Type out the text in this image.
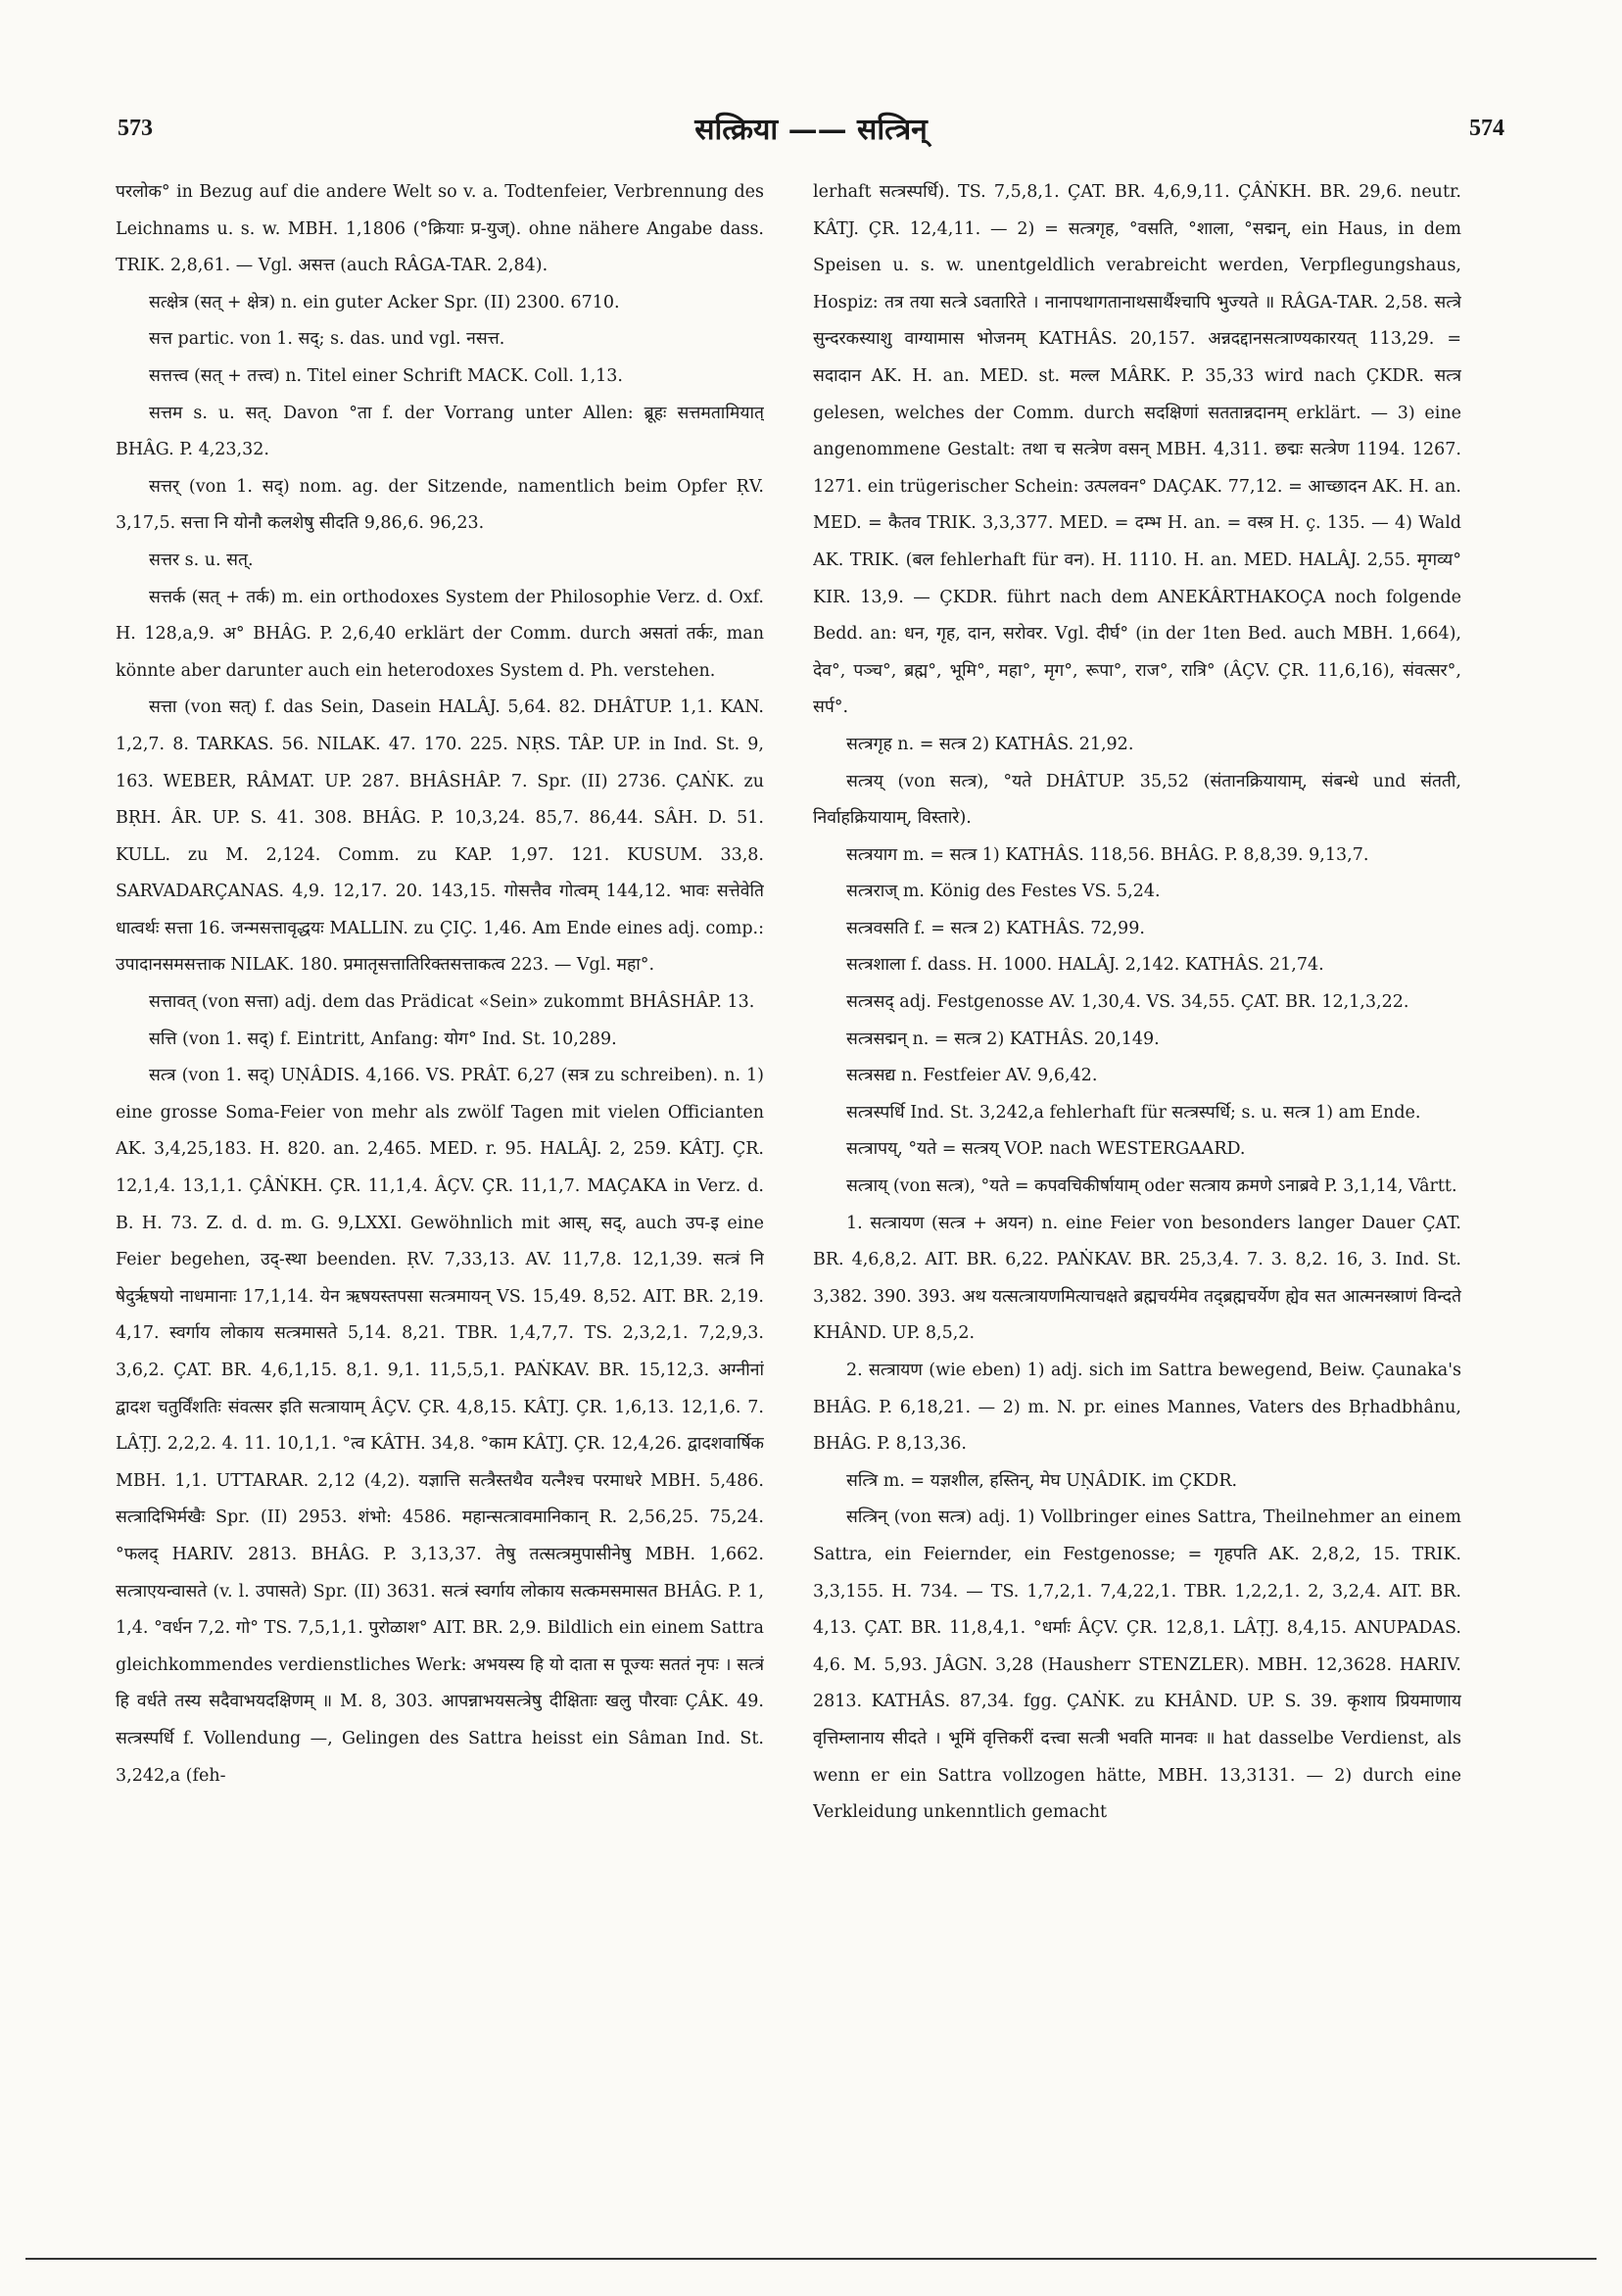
573	सत्क्रिया —— सत्त्रिन्	574

परलोक° in Bezug auf die andere Welt so v. a. Todtenfeier, Verbrennung des Leichnams u. s. w. MBH. 1,1806 (°क्रियाः प्र-युज्). ohne nähere Angabe dass. TRIK. 2,8,61. — Vgl. असत्त (auch RÂGA-TAR. 2,84).

सत्क्षेत्र (सत् + क्षेत्र) n. ein guter Acker Spr. (II) 2300. 6710.

सत्त partic. von 1. सद्; s. das. und vgl. नसत्त.

सत्तत्त्व (सत् + तत्त्व) n. Titel einer Schrift MACK. Coll. 1,13.

सत्तम s. u. सत्. Davon °ता f. der Vorrang unter Allen: ब्रूहः सत्तमतामियात् BHÂG. P. 4,23,32.

सत्तर् (von 1. सद्) nom. ag. der Sitzende, namentlich beim Opfer ṚV. 3,17,5. सत्ता नि योनौ कलशेषु सीदति 9,86,6. 96,23.

सत्तर s. u. सत्.

सत्तर्क (सत् + तर्क) m. ein orthodoxes System der Philosophie Verz. d. Oxf. H. 128,a,9. अ° BHÂG. P. 2,6,40 erklärt der Comm. durch असतां तर्कः, man könnte aber darunter auch ein heterodoxes System d. Ph. verstehen.

सत्ता (von सत्) f. das Sein, Dasein HALÂJ. 5,64. 82. DHÂTUP. 1,1. KAN. 1,2,7. 8. TARKAS. 56. NILAK. 47. 170. 225. NṚS. TÂP. UP. in Ind. St. 9, 163. WEBER, RÂMAT. UP. 287. BHÂSHÂP. 7. Spr. (II) 2736. ÇAṄK. zu BṚH. ÂR. UP. S. 41. 308. BHÂG. P. 10,3,24. 85,7. 86,44. SÂH. D. 51. KULL. zu M. 2,124. Comm. zu KAP. 1,97. 121. KUSUM. 33,8. SARVADARÇANAS. 4,9. 12,17. 20. 143,15. गोसत्तैव गोत्वम् 144,12. भावः सत्तेवेति धात्वर्थः सत्ता 16. जन्मसत्तावृद्धयः MALLIN. zu ÇIÇ. 1,46. Am Ende eines adj. comp.: उपादानसमसत्ताक NILAK. 180. प्रमातृसत्तातिरिक्तसत्ताकत्व 223. — Vgl. महा°.

सत्तावत् (von सत्ता) adj. dem das Prädicat «Sein» zukommt BHÂSHÂP. 13.

सत्ति (von 1. सद्) f. Eintritt, Anfang: योग° Ind. St. 10,289.

सत्त्र (von 1. सद्) UṆÂDIS. 4,166. VS. PRÂT. 6,27 (सत्र zu schreiben). n. 1) eine grosse Soma-Feier von mehr als zwölf Tagen mit vielen Officianten AK. 3,4,25,183. H. 820. an. 2,465. MED. r. 95. HALÂJ. 2, 259. KÂTJ. ÇR. 12,1,4. 13,1,1. ÇÂṄKH. ÇR. 11,1,4. ÂÇV. ÇR. 11,1,7. MAÇAKA in Verz. d. B. H. 73. Z. d. d. m. G. 9,LXXI. Gewöhnlich mit आस्, सद्, auch उप-इ eine Feier begehen, उद्-स्था beenden. ṚV. 7,33,13. AV. 11,7,8. 12,1,39. सत्त्रं नि षेदुर्ऋषयो नाधमानाः 17,1,14. येन ऋषयस्तपसा सत्त्रमायन् VS. 15,49. 8,52. AIT. BR. 2,19. 4,17. स्वर्गाय लोकाय सत्त्रमासते 5,14. 8,21. TBR. 1,4,7,7. TS. 2,3,2,1. 7,2,9,3. 3,6,2. ÇAT. BR. 4,6,1,15. 8,1. 9,1. 11,5,5,1. PAṄKAV. BR. 15,12,3. अग्नीनां द्वादश चतुर्विंशतिः संवत्सर इति सत्त्रायाम् ÂÇV. ÇR. 4,8,15. KÂTJ. ÇR. 1,6,13. 12,1,6. 7. LÂṬJ. 2,2,2. 4. 11. 10,1,1. °त्व KÂTH. 34,8. °काम KÂTJ. ÇR. 12,4,26. द्वादशवार्षिक MBH. 1,1. UTTARAR. 2,12 (4,2). यज्ञात्ति सत्त्रैस्तथैव यत्नैश्च परमाधरे MBH. 5,486. सत्त्रादिभिर्मखैः Spr. (II) 2953. शंभो: 4586. महान्सत्त्रावमानिकान् R. 2,56,25. 75,24. °फलद् HARIV. 2813. BHÂG. P. 3,13,37. तेषु तत्सत्त्रमुपासीनेषु MBH. 1,662. सत्त्राएयन्वासते (v. l. उपासते) Spr. (II) 3631. सत्त्रं स्वर्गाय लोकाय सत्कमसमासत BHÂG. P. 1, 1,4. °वर्धन 7,2. गो° TS. 7,5,1,1. पुरोळाश° AIT. BR. 2,9. Bildlich ein einem Sattra gleichkommendes verdienstliches Werk: अभयस्य हि यो दाता स पूज्यः सततं नृपः । सत्त्रं हि वर्धते तस्य सदैवाभयदक्षिणम् ॥ M. 8, 303. आपन्नाभयसत्त्रेषु दीक्षिताः खलु पौरवाः ÇÂK. 49. सत्त्रस्पर्धि f. Vollendung —, Gelingen des Sattra heisst ein Sâman Ind. St. 3,242,a (feh-

lerhaft सत्त्रस्पर्धि). TS. 7,5,8,1. ÇAT. BR. 4,6,9,11. ÇÂṄKH. BR. 29,6. neutr. KÂTJ. ÇR. 12,4,11. — 2) = सत्त्रगृह, °वसति, °शाला, °सद्मन्, ein Haus, in dem Speisen u. s. w. unentgeldlich verabreicht werden, Verpflegungshaus, Hospiz: तत्र तया सत्त्रे ऽवतारिते । नानापथागतानाथसार्थैश्चापि भुज्यते ॥ RÂGA-TAR. 2,58. सत्त्रे सुन्दरकस्याशु वाग्यामास भोजनम् KATHÂS. 20,157. अन्नदद्दानसत्त्राण्यकारयत् 113,29. = सदादान AK. H. an. MED. st. मल्ल MÂRK. P. 35,33 wird nach ÇKDR. सत्त्र gelesen, welches der Comm. durch सदक्षिणां सततान्नदानम् erklärt. — 3) eine angenommene Gestalt: तथा च सत्त्रेण वसन् MBH. 4,311. छद्मः सत्त्रेण 1194. 1267. 1271. ein trügerischer Schein: उत्पलवन° DAÇAK. 77,12. = आच्छादन AK. H. an. MED. = कैतव TRIK. 3,3,377. MED. = दम्भ H. an. = वस्त्र H. ç. 135. — 4) Wald AK. TRIK. (बल fehlerhaft für वन). H. 1110. H. an. MED. HALÂJ. 2,55. मृगव्य° KIR. 13,9. — ÇKDR. führt nach dem ANEKÂRTHAKOÇA noch folgende Bedd. an: धन, गृह, दान, सरोवर. Vgl. दीर्घ° (in der 1ten Bed. auch MBH. 1,664), देव°, पञ्च°, ब्रह्म°, भूमि°, महा°, मृग°, रूपा°, राज°, रात्रि° (ÂÇV. ÇR. 11,6,16), संवत्सर°, सर्प°.

सत्त्रगृह n. = सत्त्र 2) KATHÂS. 21,92.

सत्त्रय् (von सत्त्र), °यते DHÂTUP. 35,52 (संतानक्रियायाम्, संबन्धे und संतती, निर्वाहक्रियायाम्, विस्तारे).

सत्त्रयाग m. = सत्त्र 1) KATHÂS. 118,56. BHÂG. P. 8,8,39. 9,13,7.

सत्त्रराज् m. König des Festes VS. 5,24.

सत्त्रवसति f. = सत्त्र 2) KATHÂS. 72,99.

सत्त्रशाला f. dass. H. 1000. HALÂJ. 2,142. KATHÂS. 21,74.

सत्त्रसद् adj. Festgenosse AV. 1,30,4. VS. 34,55. ÇAT. BR. 12,1,3,22.

सत्त्रसद्मन् n. = सत्त्र 2) KATHÂS. 20,149.

सत्त्रसद्य n. Festfeier AV. 9,6,42.

सत्त्रस्पर्धि Ind. St. 3,242,a fehlerhaft für सत्त्रस्पर्धि; s. u. सत्त्र 1) am Ende.

सत्त्रापय्, °यते = सत्त्रय् VOP. nach WESTERGAARD.

सत्त्राय् (von सत्त्र), °यते = कपवचिकीर्षायाम् oder सत्त्राय क्रमणे ऽनाब्रवे P. 3,1,14, Vârtt.

1. सत्त्रायण (सत्त्र + अयन) n. eine Feier von besonders langer Dauer ÇAT. BR. 4,6,8,2. AIT. BR. 6,22. PAṄKAV. BR. 25,3,4. 7. 3. 8,2. 16, 3. Ind. St. 3,382. 390. 393. अथ यत्सत्त्रायणमित्याचक्षते ब्रह्मचर्यमेव तद्ब्रह्मचर्येण ह्येव सत आत्मनस्त्राणं विन्दते KHÂND. UP. 8,5,2.

2. सत्त्रायण (wie eben) 1) adj. sich im Sattra bewegend, Beiw. Çaunaka's BHÂG. P. 6,18,21. — 2) m. N. pr. eines Mannes, Vaters des Bṛhadbhânu, BHÂG. P. 8,13,36.

सत्त्रि m. = यज्ञशील, हस्तिन्, मेघ UṆÂDIK. im ÇKDR.

सत्त्रिन् (von सत्त्र) adj. 1) Vollbringer eines Sattra, Theilnehmer an einem Sattra, ein Feiernder, ein Festgenosse; = गृहपति AK. 2,8,2, 15. TRIK. 3,3,155. H. 734. — TS. 1,7,2,1. 7,4,22,1. TBR. 1,2,2,1. 2, 3,2,4. AIT. BR. 4,13. ÇAT. BR. 11,8,4,1. °धर्माः ÂÇV. ÇR. 12,8,1. LÂṬJ. 8,4,15. ANUPADAS. 4,6. M. 5,93. JÂGN. 3,28 (Hausherr STENZLER). MBH. 12,3628. HARIV. 2813. KATHÂS. 87,34. fgg. ÇAṄK. zu KHÂND. UP. S. 39. कृशाय प्रियमाणाय वृत्तिम्लानाय सीदते । भूमिं वृत्तिकरीं दत्त्वा सत्त्री भवति मानवः ॥ hat dasselbe Verdienst, als wenn er ein Sattra vollzogen hätte, MBH. 13,3131. — 2) durch eine Verkleidung unkenntlich gemacht
